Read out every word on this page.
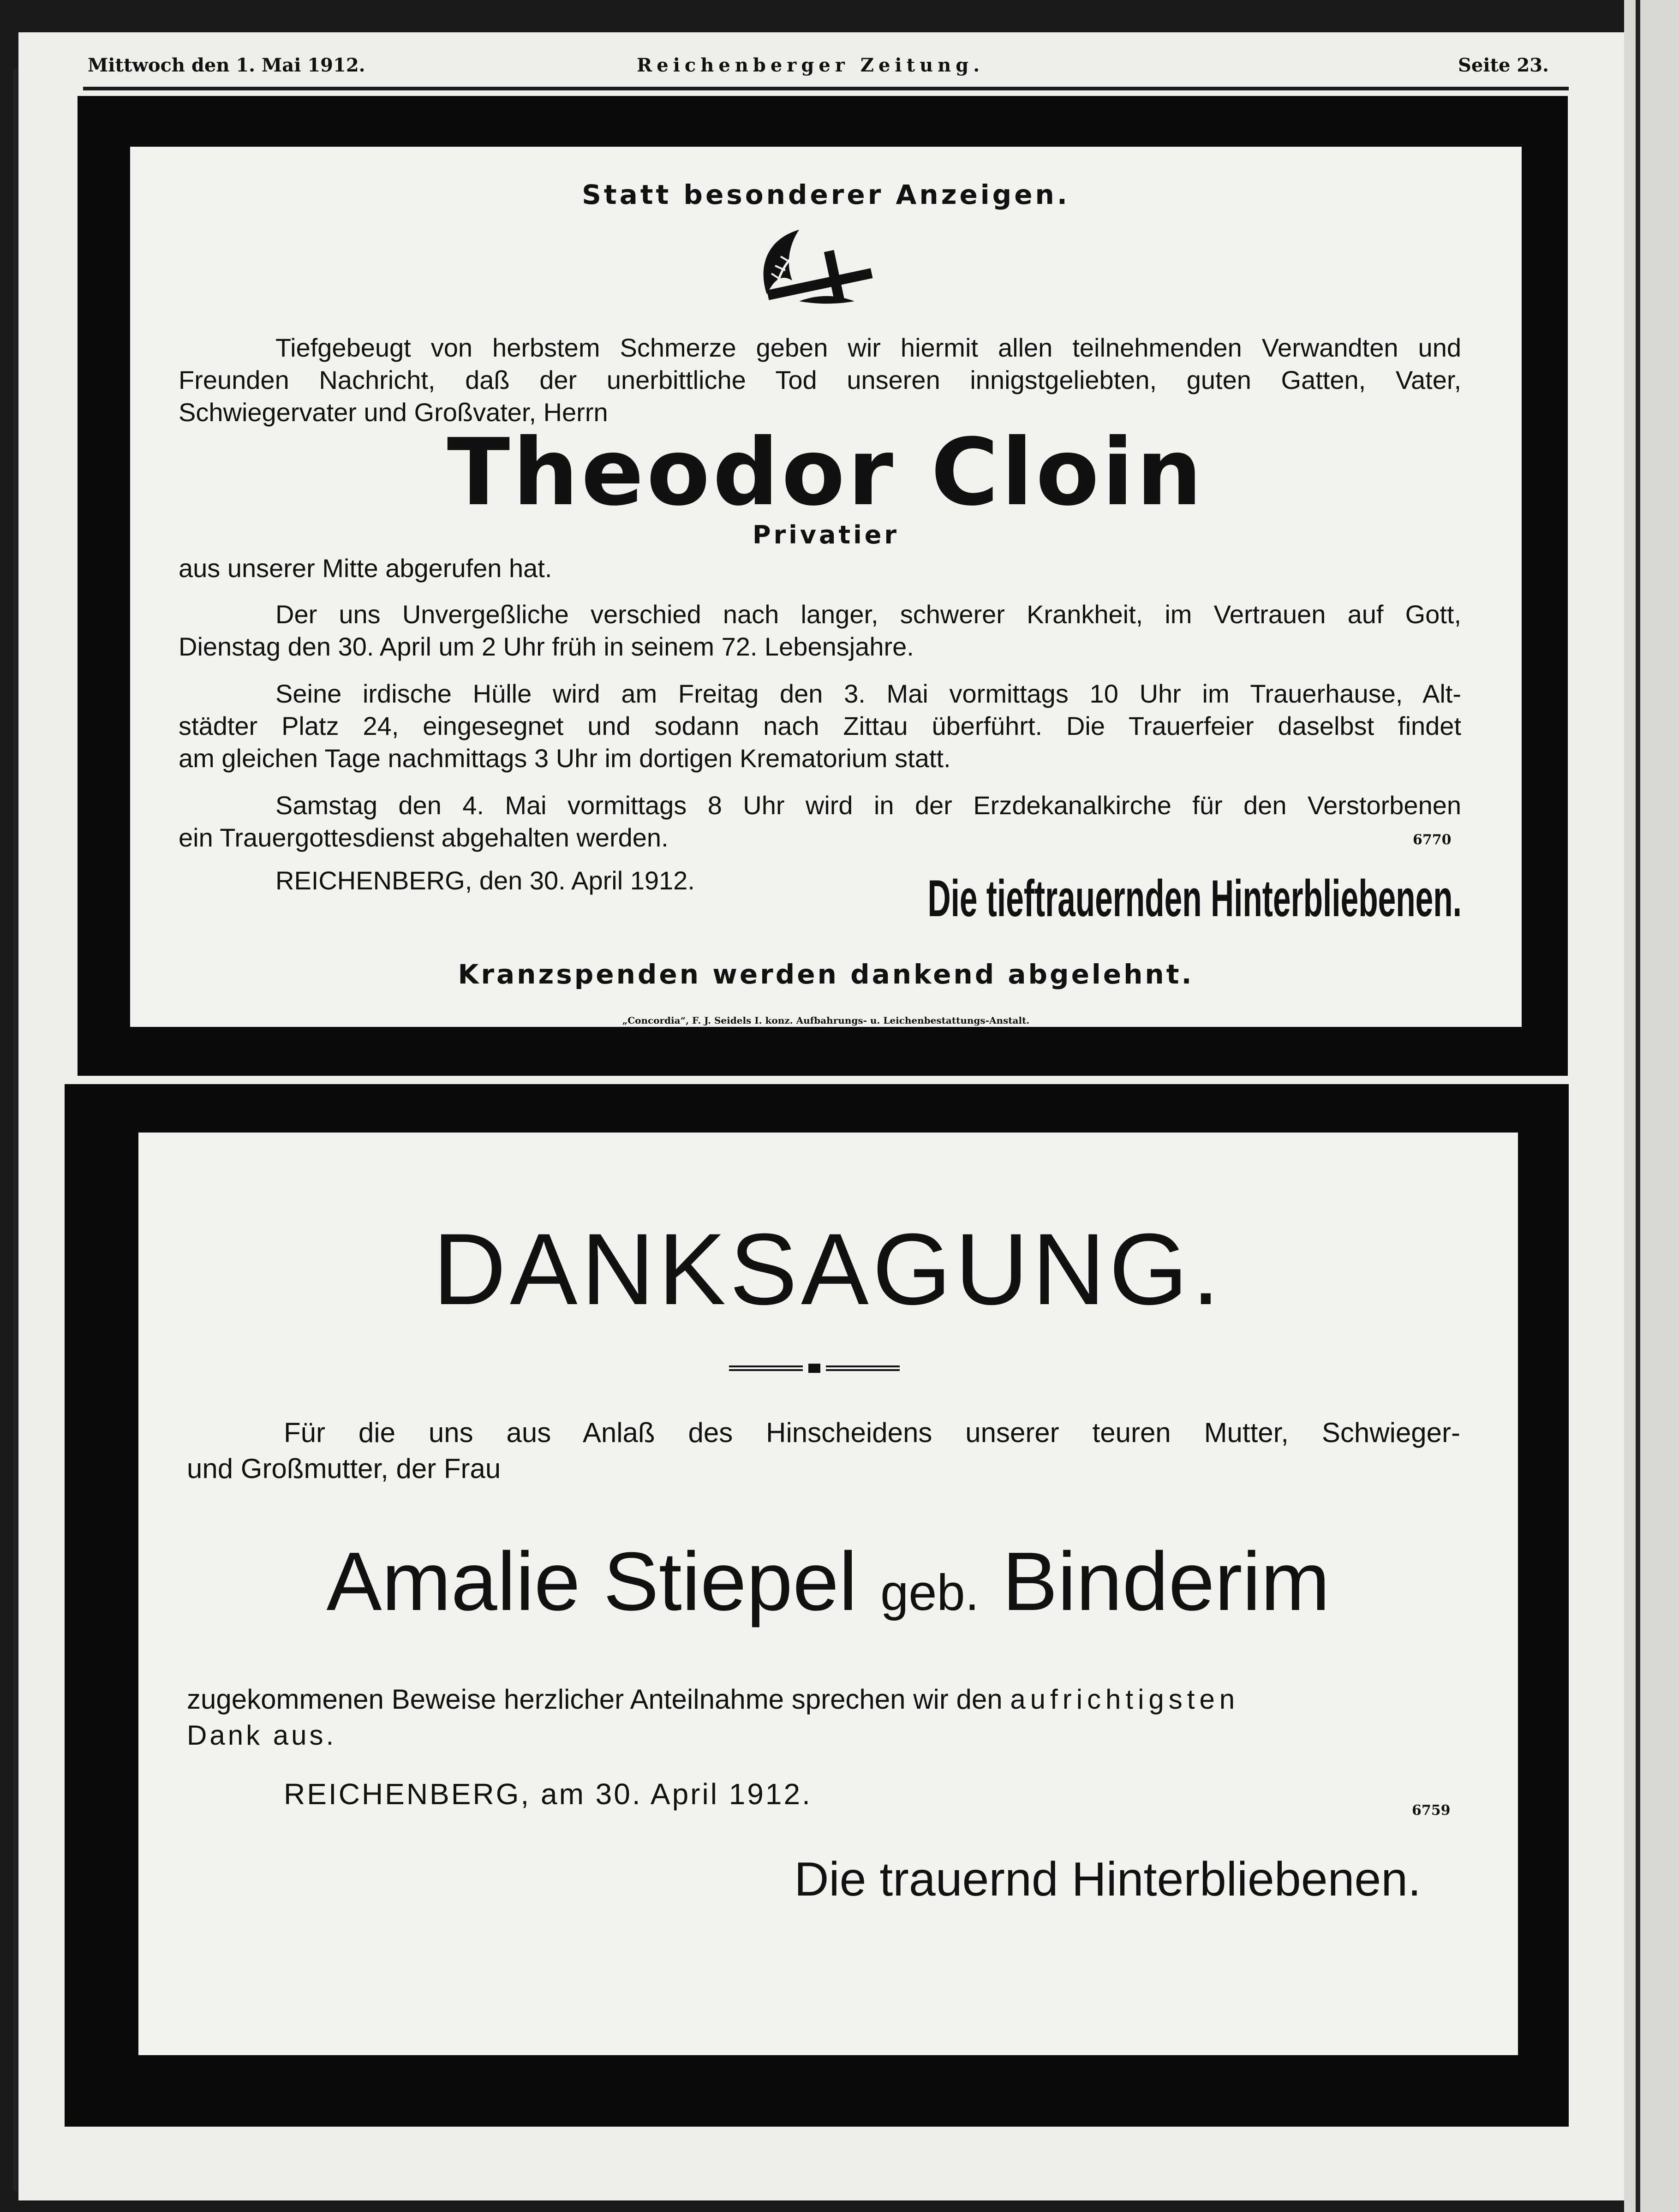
Mittwoch den 1. Mai 1912.	Reichenberger Zeitung.	Seite 23.
Statt besonderer Anzeigen.
Tiefgebeugt von herbstem Schmerze geben wir hiermit allen teilnehmenden Verwandten und
Freunden Nachricht, daß der unerbittliche Tod unseren innigstgeliebten, guten Gatten, Vater,
Schwiegervater und Großvater, Herrn
Theodor Cloin
Privatier
aus unserer Mitte abgerufen hat.
Der uns Unvergeßliche verschied nach langer, schwerer Krankheit, im Vertrauen auf Gott,
Dienstag den 30. April um 2 Uhr früh in seinem 72. Lebensjahre.
Seine irdische Hülle wird am Freitag den 3. Mai vormittags 10 Uhr im Trauerhause, Alt-
städter Platz 24, eingesegnet und sodann nach Zittau überführt. Die Trauerfeier daselbst findet
am gleichen Tage nachmittags 3 Uhr im dortigen Krematorium statt.
Samstag den 4. Mai vormittags 8 Uhr wird in der Erzdekanalkirche für den Verstorbenen
ein Trauergottesdienst abgehalten werden.
REICHENBERG, den 30. April 1912.
6770
Die tieftrauernden Hinterbliebenen.
Kranzspenden werden dankend abgelehnt.
„Concordia“, F. J. Seidels I. konz. Aufbahrungs- u. Leichenbestattungs-Anstalt.
DANKSAGUNG.
Für die uns aus Anlaß des Hinscheidens unserer teuren Mutter, Schwieger-
und Großmutter, der Frau
Amalie Stiepel geb. Binderim
zugekommenen Beweise herzlicher Anteilnahme sprechen wir den aufrichtigsten
Dank aus.
REICHENBERG, am 30. April 1912.	6759
Die trauernd Hinterbliebenen.
